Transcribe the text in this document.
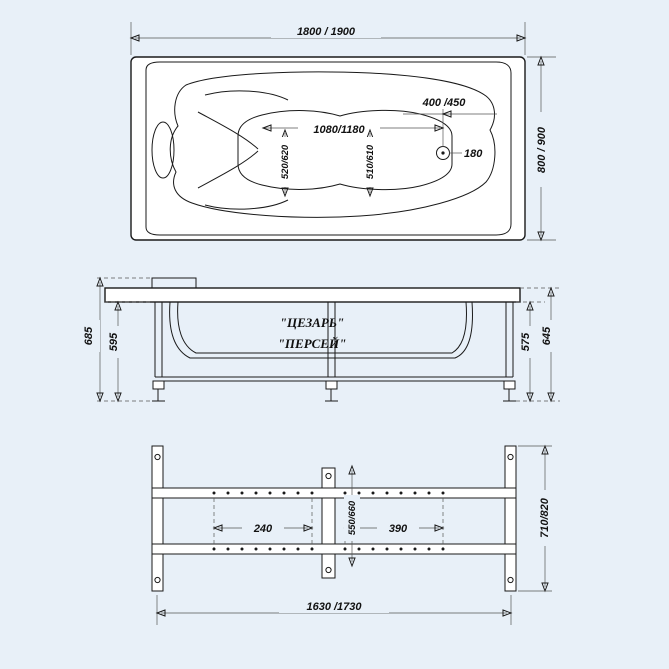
1800 / 1900
800 / 900
400 /450
180
1080/1180
520/620	510/610
"ЦЕЗАРЬ"
"ПЕРСЕЙ"
685 595	575 645
240	390
550/660	710/820
1630 /1730
